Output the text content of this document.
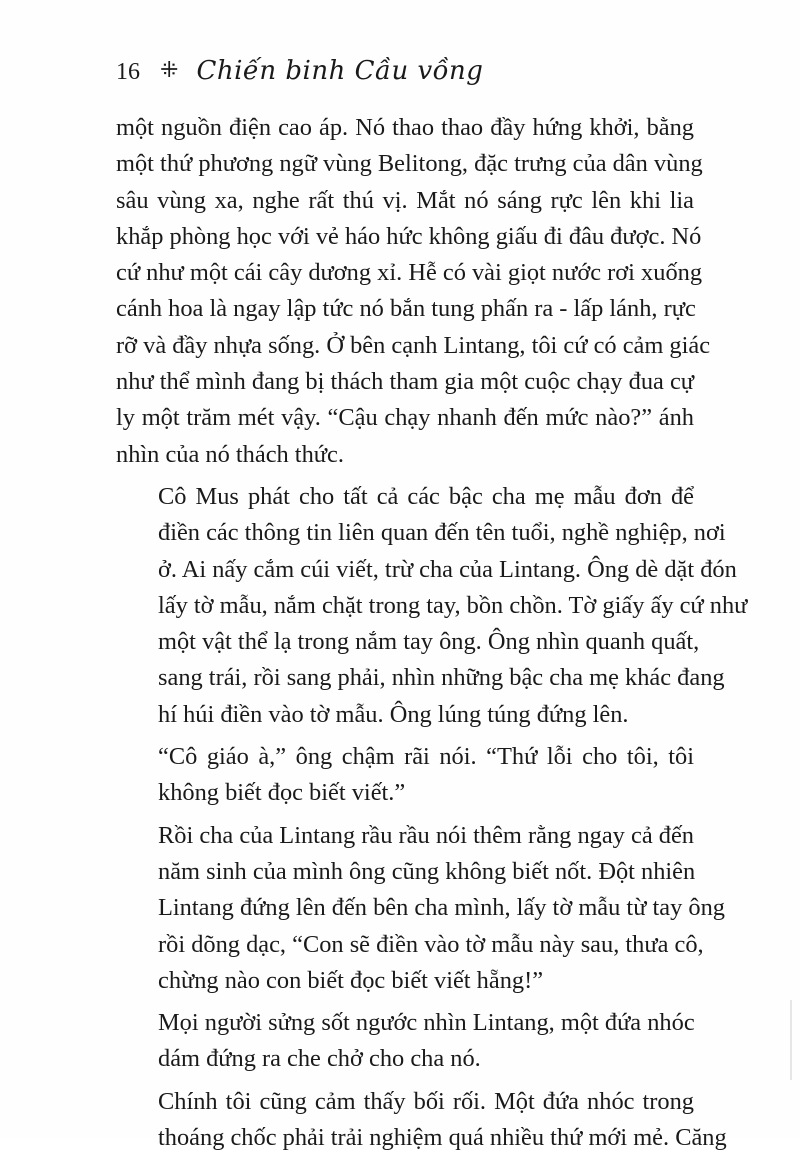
16 ⁜ Chiến binh Cầu vồng

một nguồn điện cao áp. Nó thao thao đầy hứng khởi, bằng
một thứ phương ngữ vùng Belitong, đặc trưng của dân vùng
sâu vùng xa, nghe rất thú vị. Mắt nó sáng rực lên khi lia
khắp phòng học với vẻ háo hức không giấu đi đâu được. Nó
cứ như một cái cây dương xỉ. Hễ có vài giọt nước rơi xuống
cánh hoa là ngay lập tức nó bắn tung phấn ra - lấp lánh, rực
rỡ và đầy nhựa sống. Ở bên cạnh Lintang, tôi cứ có cảm giác
như thể mình đang bị thách tham gia một cuộc chạy đua cự
ly một trăm mét vậy. “Cậu chạy nhanh đến mức nào?” ánh
nhìn của nó thách thức.

Cô Mus phát cho tất cả các bậc cha mẹ mẫu đơn để
điền các thông tin liên quan đến tên tuổi, nghề nghiệp, nơi
ở. Ai nấy cắm cúi viết, trừ cha của Lintang. Ông dè dặt đón
lấy tờ mẫu, nắm chặt trong tay, bồn chồn. Tờ giấy ấy cứ như
một vật thể lạ trong nắm tay ông. Ông nhìn quanh quất,
sang trái, rồi sang phải, nhìn những bậc cha mẹ khác đang
hí húi điền vào tờ mẫu. Ông lúng túng đứng lên.

“Cô giáo à,” ông chậm rãi nói. “Thứ lỗi cho tôi, tôi
không biết đọc biết viết.”

Rồi cha của Lintang rầu rầu nói thêm rằng ngay cả đến
năm sinh của mình ông cũng không biết nốt. Đột nhiên
Lintang đứng lên đến bên cha mình, lấy tờ mẫu từ tay ông
rồi dõng dạc, “Con sẽ điền vào tờ mẫu này sau, thưa cô,
chừng nào con biết đọc biết viết hẵng!”

Mọi người sửng sốt ngước nhìn Lintang, một đứa nhóc
dám đứng ra che chở cho cha nó.

Chính tôi cũng cảm thấy bối rối. Một đứa nhóc trong
thoáng chốc phải trải nghiệm quá nhiều thứ mới mẻ. Căng
